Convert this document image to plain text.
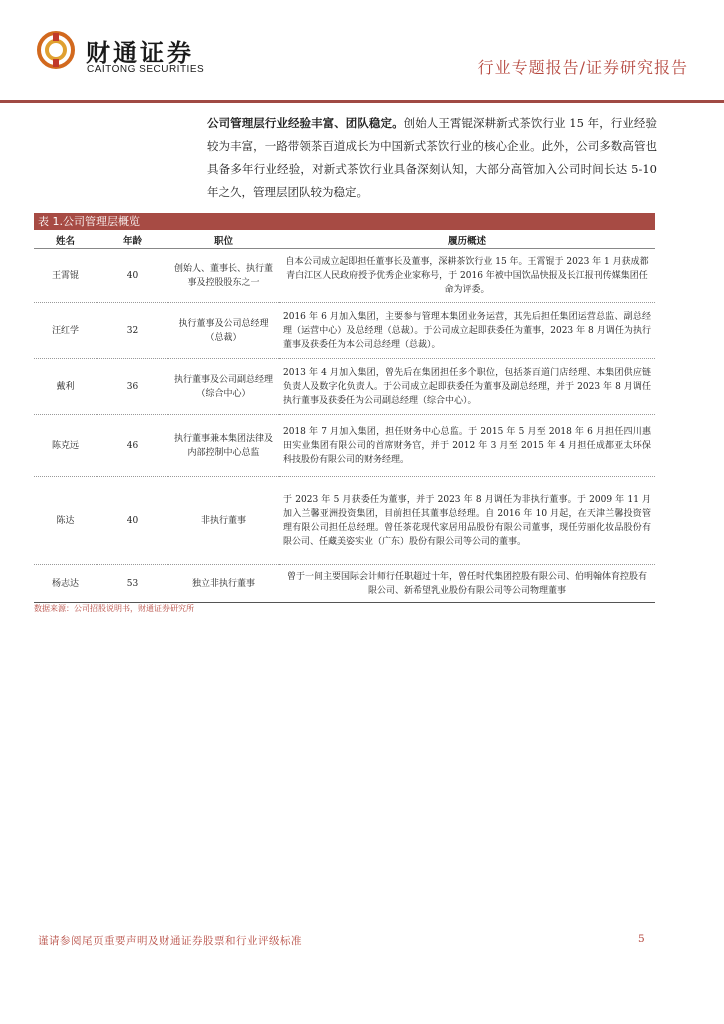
财通证券
CAITONG SECURITIES	行业专题报告/证券研究报告

公司管理层行业经验丰富、团队稳定。创始人王霄锟深耕新式茶饮行业 15 年，行业经验较为丰富，一路带领茶百道成长为中国新式茶饮行业的核心企业。此外，公司多数高管也具备多年行业经验，对新式茶饮行业具备深刻认知，大部分高管加入公司时间长达 5-10 年之久，管理层团队较为稳定。

表 1.公司管理层概览
姓名	年龄	职位	履历概述
王霄锟	40	创始人、董事长、执行董事及控股股东之一	自本公司成立起即担任董事长及董事，深耕茶饮行业 15 年。王霄锟于 2023 年 1 月获成都青白江区人民政府授予优秀企业家称号，于 2016 年被中国饮品快报及长江报刊传媒集团任命为评委。
汪红学	32	执行董事及公司总经理（总裁）	2016 年 6 月加入集团，主要参与管理本集团业务运营，其先后担任集团运营总监、副总经理（运营中心）及总经理（总裁）。于公司成立起即获委任为董事，2023 年 8 月调任为执行董事及获委任为本公司总经理（总裁）。
戴利	36	执行董事及公司副总经理（综合中心）	2013 年 4 月加入集团，曾先后在集团担任多个职位，包括茶百道门店经理、本集团供应链负责人及数字化负责人。于公司成立起即获委任为董事及副总经理，并于 2023 年 8 月调任执行董事及获委任为公司副总经理（综合中心）。
陈克远	46	执行董事兼本集团法律及内部控制中心总监	2018 年 7 月加入集团，担任财务中心总监。于 2015 年 5 月至 2018 年 6 月担任四川惠田实业集团有限公司的首席财务官，并于 2012 年 3 月至 2015 年 4 月担任成都亚太环保科技股份有限公司的财务经理。
陈达	40	非执行董事	于 2023 年 5 月获委任为董事，并于 2023 年 8 月调任为非执行董事。于 2009 年 11 月加入兰馨亚洲投资集团，目前担任其董事总经理。自 2016 年 10 月起，在天津兰馨投资管理有限公司担任总经理。曾任茶花现代家居用品股份有限公司董事，现任劳丽化妆品股份有限公司、任藏美姿实业（广东）股份有限公司等公司的董事。
杨志达	53	独立非执行董事	曾于一间主要国际会计师行任职超过十年，曾任时代集团控股有限公司、伯明翰体育控股有限公司、新希望乳业股份有限公司等公司物理董事
数据来源：公司招股说明书，财通证券研究所
谨请参阅尾页重要声明及财通证券股票和行业评级标准	5
